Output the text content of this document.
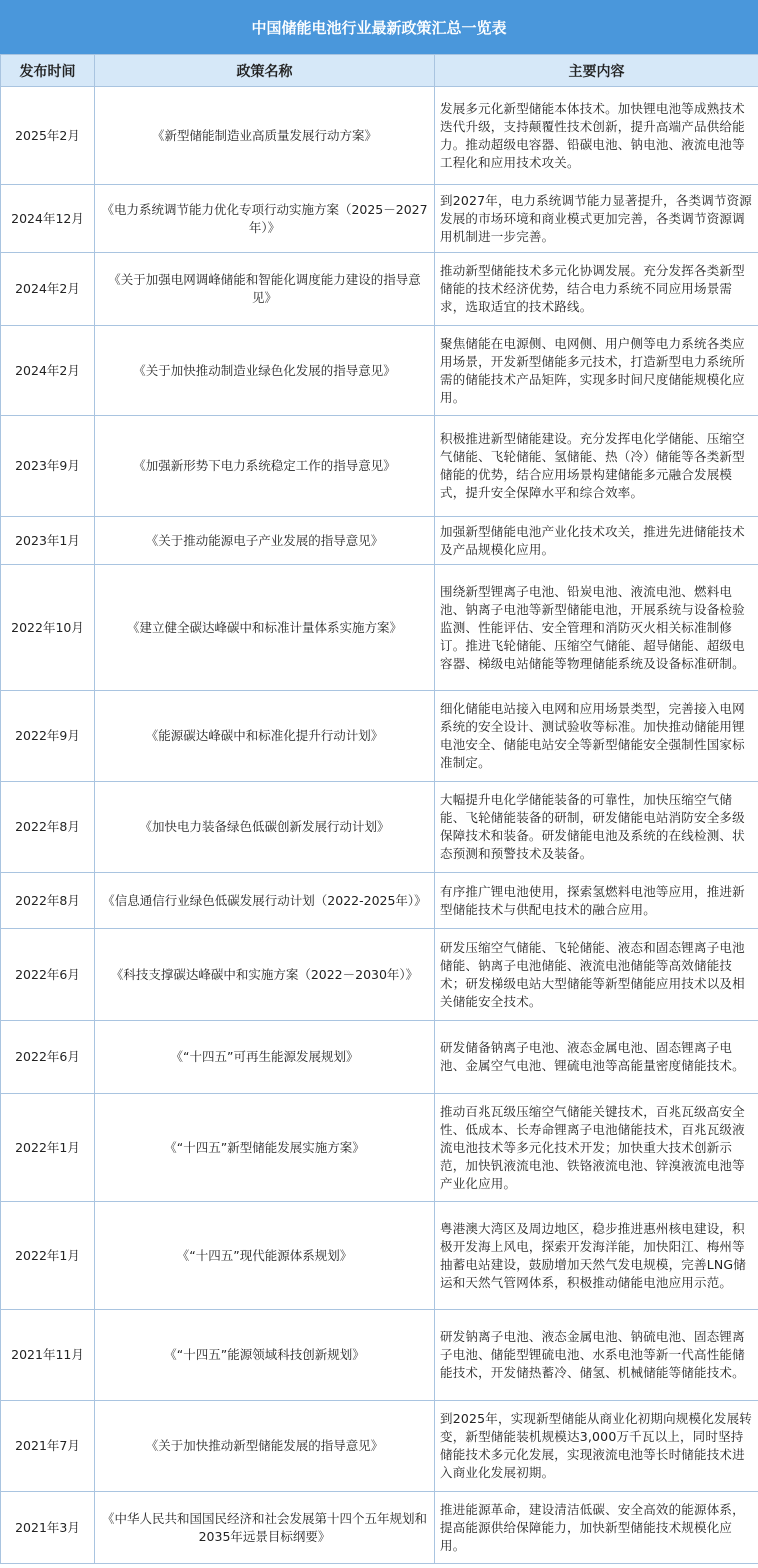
中国储能电池行业最新政策汇总一览表
发布时间	政策名称	主要内容
2025年2月	《新型储能制造业高质量发展行动方案》	发展多元化新型储能本体技术。加快锂电池等成熟技术迭代升级，支持颠覆性技术创新，提升高端产品供给能力。推动超级电容器、铅碳电池、钠电池、液流电池等工程化和应用技术攻关。
2024年12月	《电力系统调节能力优化专项行动实施方案（2025－2027年）》	到2027年，电力系统调节能力显著提升，各类调节资源发展的市场环境和商业模式更加完善，各类调节资源调用机制进一步完善。
2024年2月	《关于加强电网调峰储能和智能化调度能力建设的指导意见》	推动新型储能技术多元化协调发展。充分发挥各类新型储能的技术经济优势，结合电力系统不同应用场景需求，选取适宜的技术路线。
2024年2月	《关于加快推动制造业绿色化发展的指导意见》	聚焦储能在电源侧、电网侧、用户侧等电力系统各类应用场景，开发新型储能多元技术，打造新型电力系统所需的储能技术产品矩阵，实现多时间尺度储能规模化应用。
2023年9月	《加强新形势下电力系统稳定工作的指导意见》	积极推进新型储能建设。充分发挥电化学储能、压缩空气储能、飞轮储能、氢储能、热（冷）储能等各类新型储能的优势，结合应用场景构建储能多元融合发展模式，提升安全保障水平和综合效率。
2023年1月	《关于推动能源电子产业发展的指导意见》	加强新型储能电池产业化技术攻关，推进先进储能技术及产品规模化应用。
2022年10月	《建立健全碳达峰碳中和标准计量体系实施方案》	围绕新型锂离子电池、铅炭电池、液流电池、燃料电池、钠离子电池等新型储能电池，开展系统与设备检验监测、性能评估、安全管理和消防灭火相关标准制修订。推进飞轮储能、压缩空气储能、超导储能、超级电容器、梯级电站储能等物理储能系统及设备标准研制。
2022年9月	《能源碳达峰碳中和标准化提升行动计划》	细化储能电站接入电网和应用场景类型，完善接入电网系统的安全设计、测试验收等标准。加快推动储能用锂电池安全、储能电站安全等新型储能安全强制性国家标准制定。
2022年8月	《加快电力装备绿色低碳创新发展行动计划》	大幅提升电化学储能装备的可靠性，加快压缩空气储能、飞轮储能装备的研制，研发储能电站消防安全多级保障技术和装备。研发储能电池及系统的在线检测、状态预测和预警技术及装备。
2022年8月	《信息通信行业绿色低碳发展行动计划（2022-2025年）》	有序推广锂电池使用，探索氢燃料电池等应用，推进新型储能技术与供配电技术的融合应用。
2022年6月	《科技支撑碳达峰碳中和实施方案（2022－2030年）》	研发压缩空气储能、飞轮储能、液态和固态锂离子电池储能、钠离子电池储能、液流电池储能等高效储能技术；研发梯级电站大型储能等新型储能应用技术以及相关储能安全技术。
2022年6月	《“十四五”可再生能源发展规划》	研发储备钠离子电池、液态金属电池、固态锂离子电池、金属空气电池、锂硫电池等高能量密度储能技术。
2022年1月	《“十四五”新型储能发展实施方案》	推动百兆瓦级压缩空气储能关键技术，百兆瓦级高安全性、低成本、长寿命锂离子电池储能技术，百兆瓦级液流电池技术等多元化技术开发；加快重大技术创新示范，加快钒液流电池、铁铬液流电池、锌溴液流电池等产业化应用。
2022年1月	《“十四五”现代能源体系规划》	粤港澳大湾区及周边地区，稳步推进惠州核电建设，积极开发海上风电，探索开发海洋能，加快阳江、梅州等抽蓄电站建设，鼓励增加天然气发电规模，完善LNG储运和天然气管网体系，积极推动储能电池应用示范。
2021年11月	《“十四五”能源领域科技创新规划》	研发钠离子电池、液态金属电池、钠硫电池、固态锂离子电池、储能型锂硫电池、水系电池等新一代高性能储能技术，开发储热蓄冷、储氢、机械储能等储能技术。
2021年7月	《关于加快推动新型储能发展的指导意见》	到2025年，实现新型储能从商业化初期向规模化发展转变，新型储能装机规模达3,000万千瓦以上，同时坚持储能技术多元化发展，实现液流电池等长时储能技术进入商业化发展初期。
2021年3月	《中华人民共和国国民经济和社会发展第十四个五年规划和2035年远景目标纲要》	推进能源革命，建设清洁低碳、安全高效的能源体系，提高能源供给保障能力，加快新型储能技术规模化应用。
